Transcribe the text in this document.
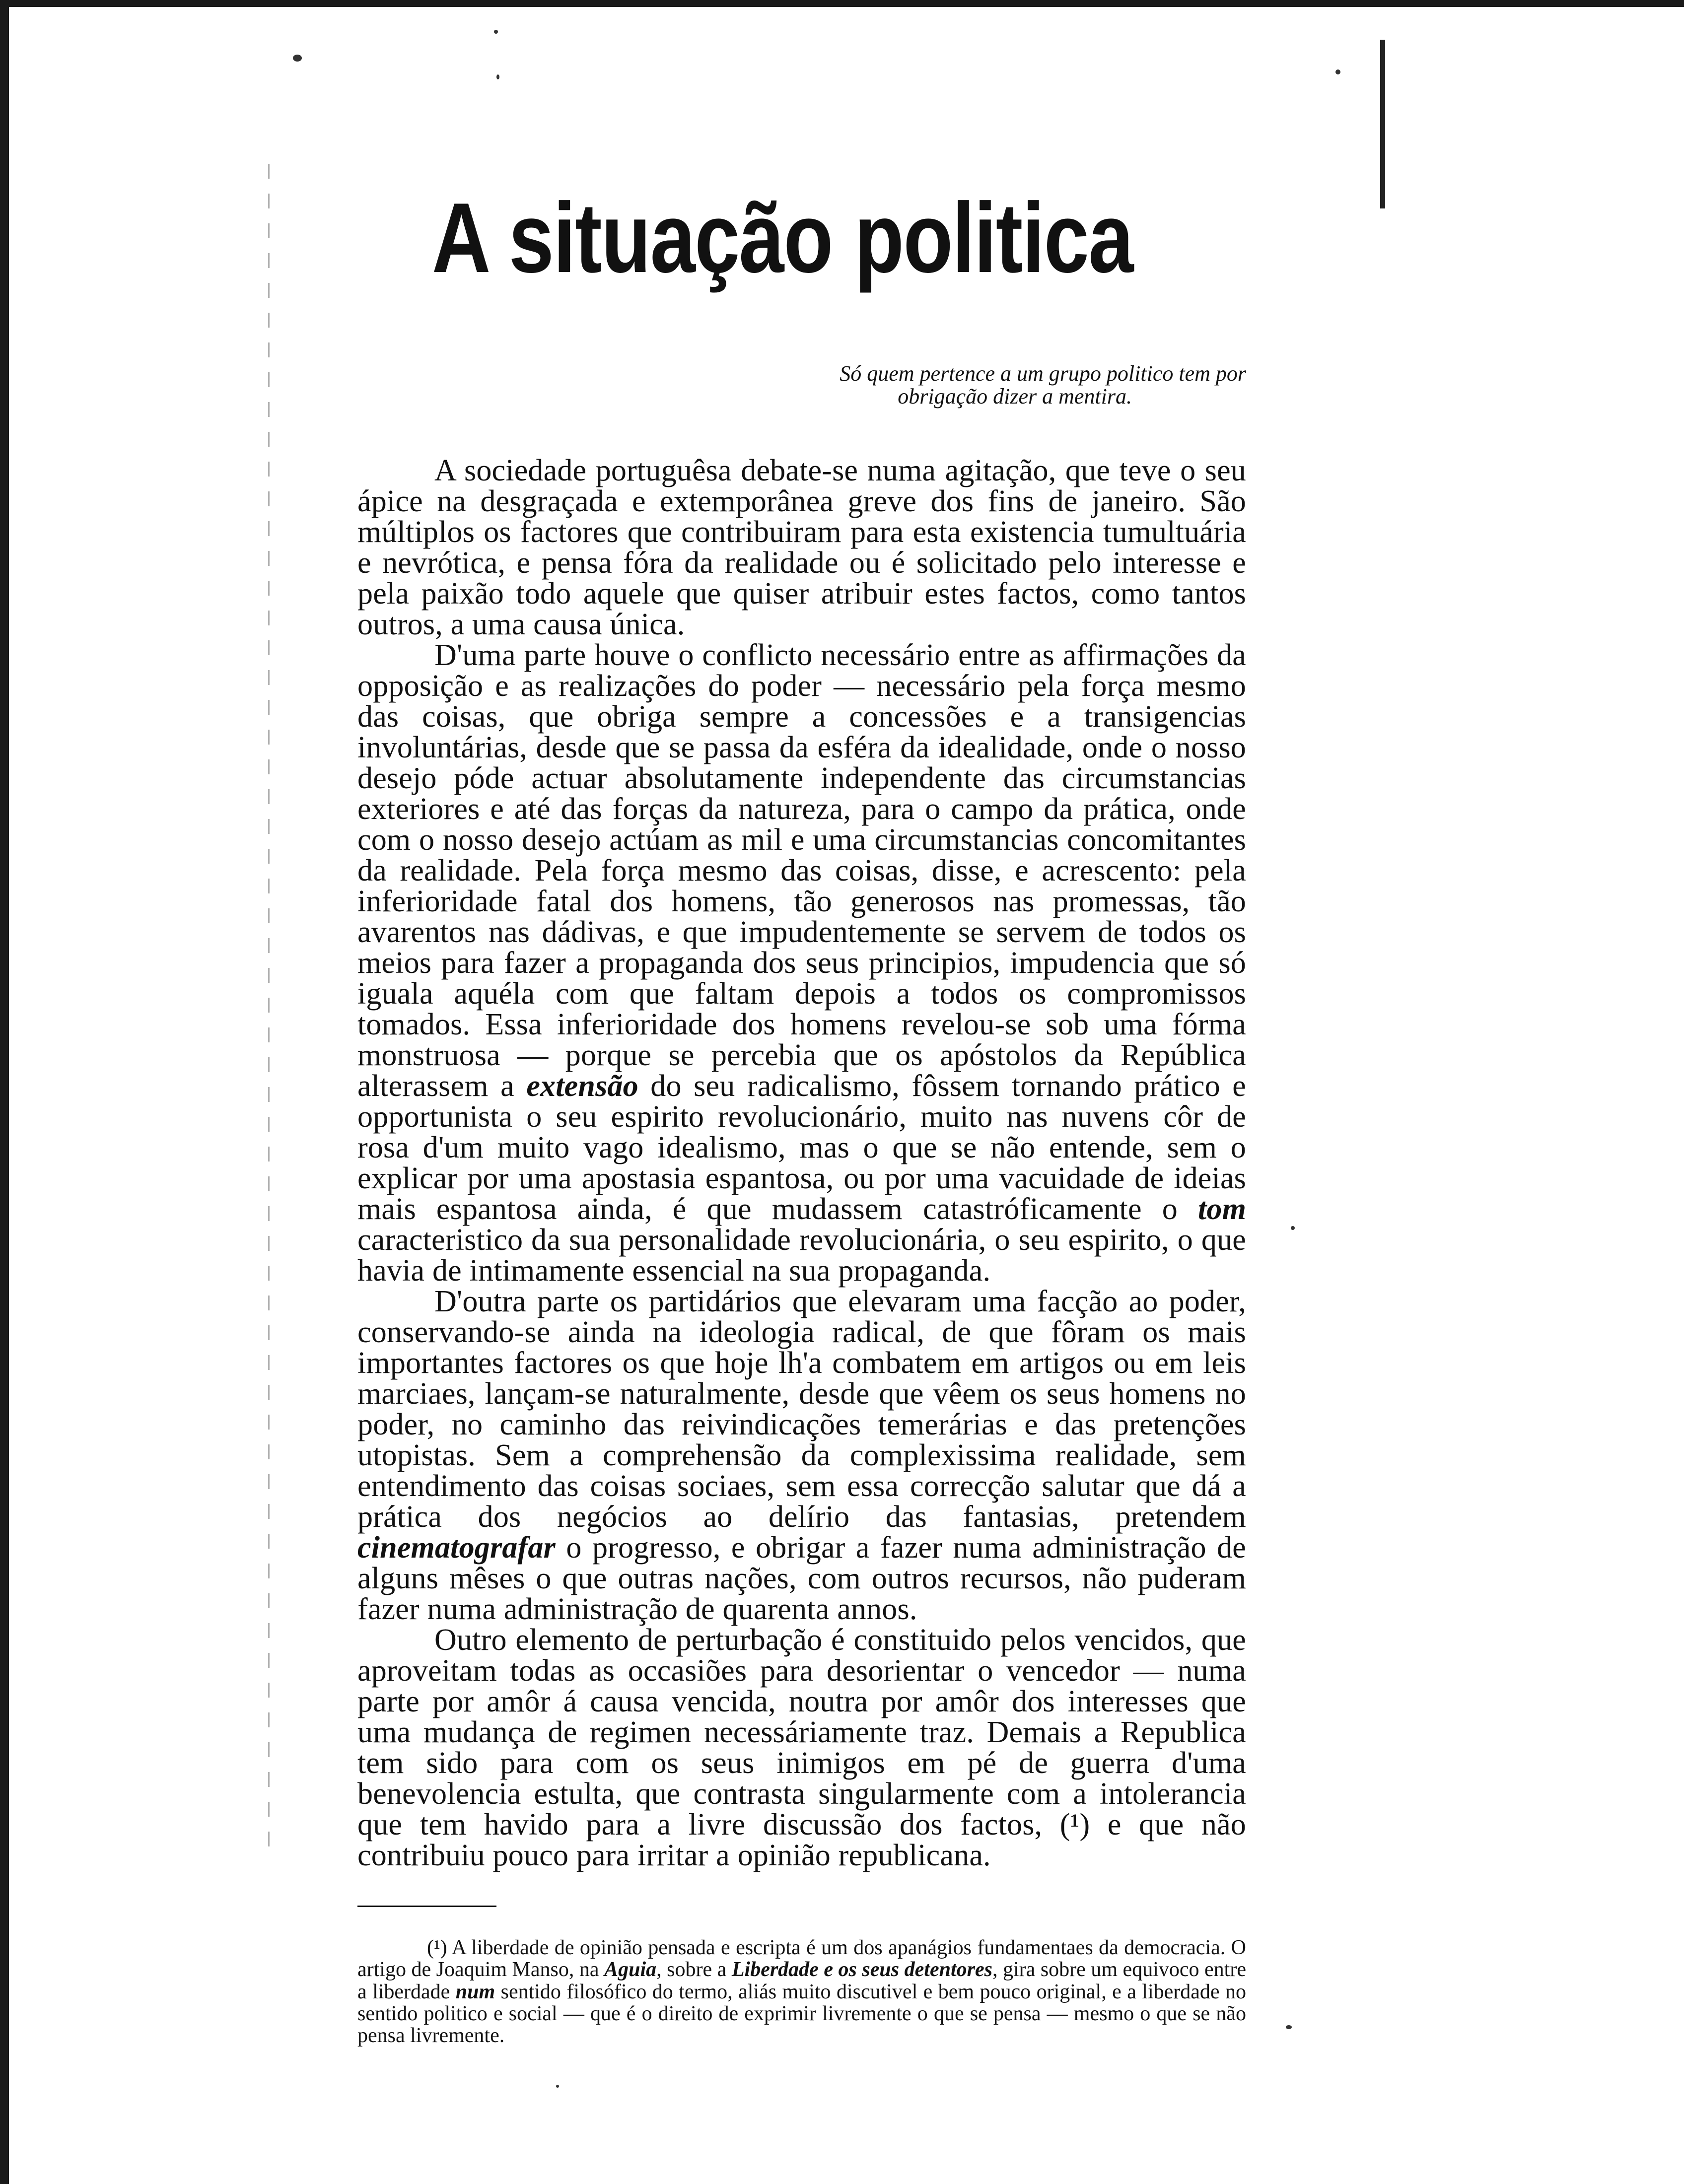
A situação politica
Só quem pertence a um grupo politico tem por
obrigação dizer a mentira.

A sociedade portuguêsa debate-se numa agitação, que teve o seu ápice na desgraçada e extemporânea greve dos fins de janeiro. São múltiplos os factores que contribuiram para esta existencia tumultuária e nevrótica, e pensa fóra da realidade ou é solicitado pelo interesse e pela paixão todo aquele que quiser atribuir estes factos, como tantos outros, a uma causa única.

D'uma parte houve o conflicto necessário entre as affirmações da opposição e as realizações do poder — necessário pela força mesmo das coisas, que obriga sempre a concessões e a transigencias involuntárias, desde que se passa da esféra da idealidade, onde o nosso desejo póde actuar absolutamente independente das circumstancias exteriores e até das forças da natureza, para o campo da prática, onde com o nosso desejo actúam as mil e uma circumstancias concomitantes da realidade. Pela força mesmo das coisas, disse, e acrescento: pela inferioridade fatal dos homens, tão generosos nas promessas, tão avarentos nas dádivas, e que impudentemente se servem de todos os meios para fazer a propaganda dos seus principios, impudencia que só iguala aquéla com que faltam depois a todos os compromissos tomados. Essa inferioridade dos homens revelou-se sob uma fórma monstruosa — porque se percebia que os apóstolos da República alterassem a extensão do seu radicalismo, fôssem tornando prático e opportunista o seu espirito revolucionário, muito nas nuvens côr de rosa d'um muito vago idealismo, mas o que se não entende, sem o explicar por uma apostasia espantosa, ou por uma vacuidade de ideias mais espantosa ainda, é que mudassem catastróficamente o tom caracteristico da sua personalidade revolucionária, o seu espirito, o que havia de intimamente essencial na sua propaganda.

D'outra parte os partidários que elevaram uma facção ao poder, conservando-se ainda na ideologia radical, de que fôram os mais importantes factores os que hoje lh'a combatem em artigos ou em leis marciaes, lançam-se naturalmente, desde que vêem os seus homens no poder, no caminho das reivindicações temerárias e das pretenções utopistas. Sem a comprehensão da complexissima realidade, sem entendimento das coisas sociaes, sem essa correcção salutar que dá a prática dos negócios ao delírio das fantasias, pretendem cinematografar o progresso, e obrigar a fazer numa administração de alguns mêses o que outras nações, com outros recursos, não puderam fazer numa administração de quarenta annos.

Outro elemento de perturbação é constituido pelos vencidos, que aproveitam todas as occasiões para desorientar o vencedor — numa parte por amôr á causa vencida, noutra por amôr dos interesses que uma mudança de regimen necessáriamente traz. Demais a Republica tem sido para com os seus inimigos em pé de guerra d'uma benevolencia estulta, que contrasta singularmente com a intolerancia que tem havido para a livre discussão dos factos, (¹) e que não contribuiu pouco para irritar a opinião republicana.

(¹) A liberdade de opinião pensada e escripta é um dos apanágios fundamentaes da democracia. O artigo de Joaquim Manso, na Aguia, sobre a Liberdade e os seus detentores, gira sobre um equivoco entre a liberdade num sentido filosófico do termo, aliás muito discutivel e bem pouco original, e a liberdade no sentido politico e social — que é o direito de exprimir livremente o que se pensa — mesmo o que se não pensa livremente.
